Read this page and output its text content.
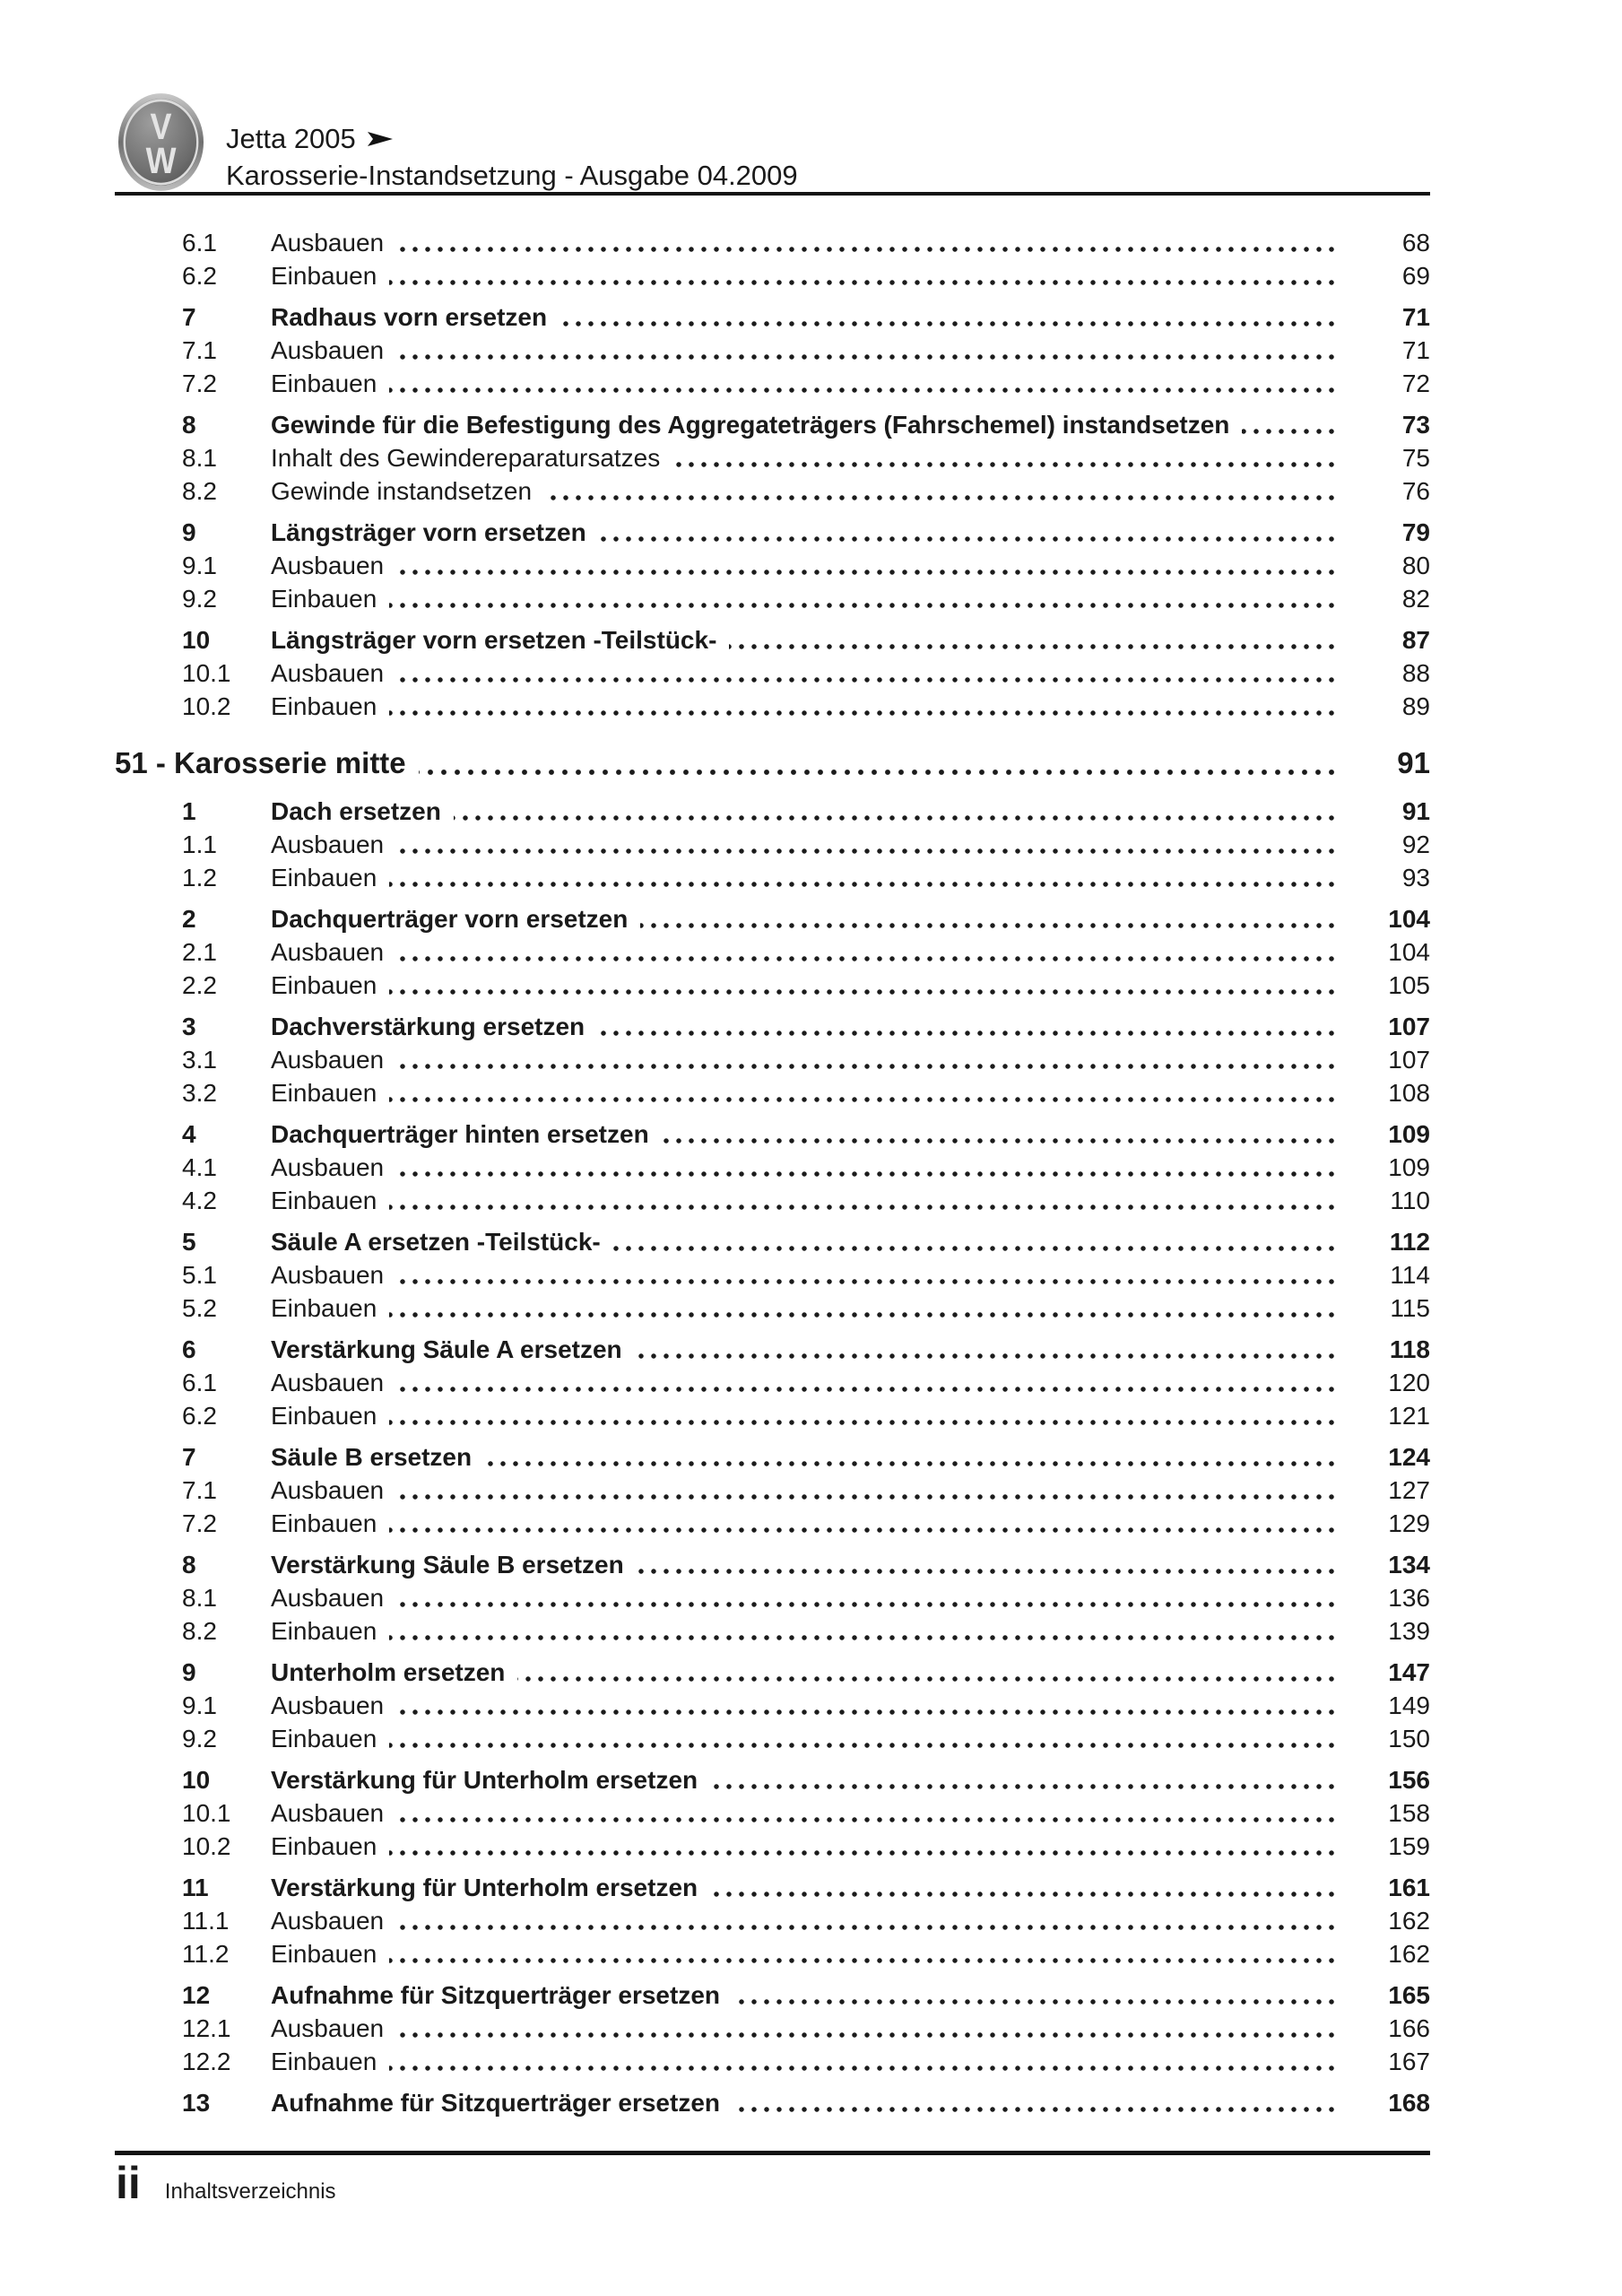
V
W
Jetta 2005
Karosserie-Instandsetzung - Ausgabe 04.2009
6.1	Ausbauen	68
6.2	Einbauen	69
7	Radhaus vorn ersetzen	71
7.1	Ausbauen	71
7.2	Einbauen	72
8	Gewinde für die Befestigung des Aggregateträgers (Fahrschemel) instandsetzen	73
8.1	Inhalt des Gewindereparatursatzes	75
8.2	Gewinde instandsetzen	76
9	Längsträger vorn ersetzen	79
9.1	Ausbauen	80
9.2	Einbauen	82
10	Längsträger vorn ersetzen -Teilstück-	87
10.1	Ausbauen	88
10.2	Einbauen	89
51 - Karosserie mitte	91
1	Dach ersetzen	91
1.1	Ausbauen	92
1.2	Einbauen	93
2	Dachquerträger vorn ersetzen	104
2.1	Ausbauen	104
2.2	Einbauen	105
3	Dachverstärkung ersetzen	107
3.1	Ausbauen	107
3.2	Einbauen	108
4	Dachquerträger hinten ersetzen	109
4.1	Ausbauen	109
4.2	Einbauen	110
5	Säule A ersetzen -Teilstück-	112
5.1	Ausbauen	114
5.2	Einbauen	115
6	Verstärkung Säule A ersetzen	118
6.1	Ausbauen	120
6.2	Einbauen	121
7	Säule B ersetzen	124
7.1	Ausbauen	127
7.2	Einbauen	129
8	Verstärkung Säule B ersetzen	134
8.1	Ausbauen	136
8.2	Einbauen	139
9	Unterholm ersetzen	147
9.1	Ausbauen	149
9.2	Einbauen	150
10	Verstärkung für Unterholm ersetzen	156
10.1	Ausbauen	158
10.2	Einbauen	159
11	Verstärkung für Unterholm ersetzen	161
11.1	Ausbauen	162
11.2	Einbauen	162
12	Aufnahme für Sitzquerträger ersetzen	165
12.1	Ausbauen	166
12.2	Einbauen	167
13	Aufnahme für Sitzquerträger ersetzen	168
ii Inhaltsverzeichnis
